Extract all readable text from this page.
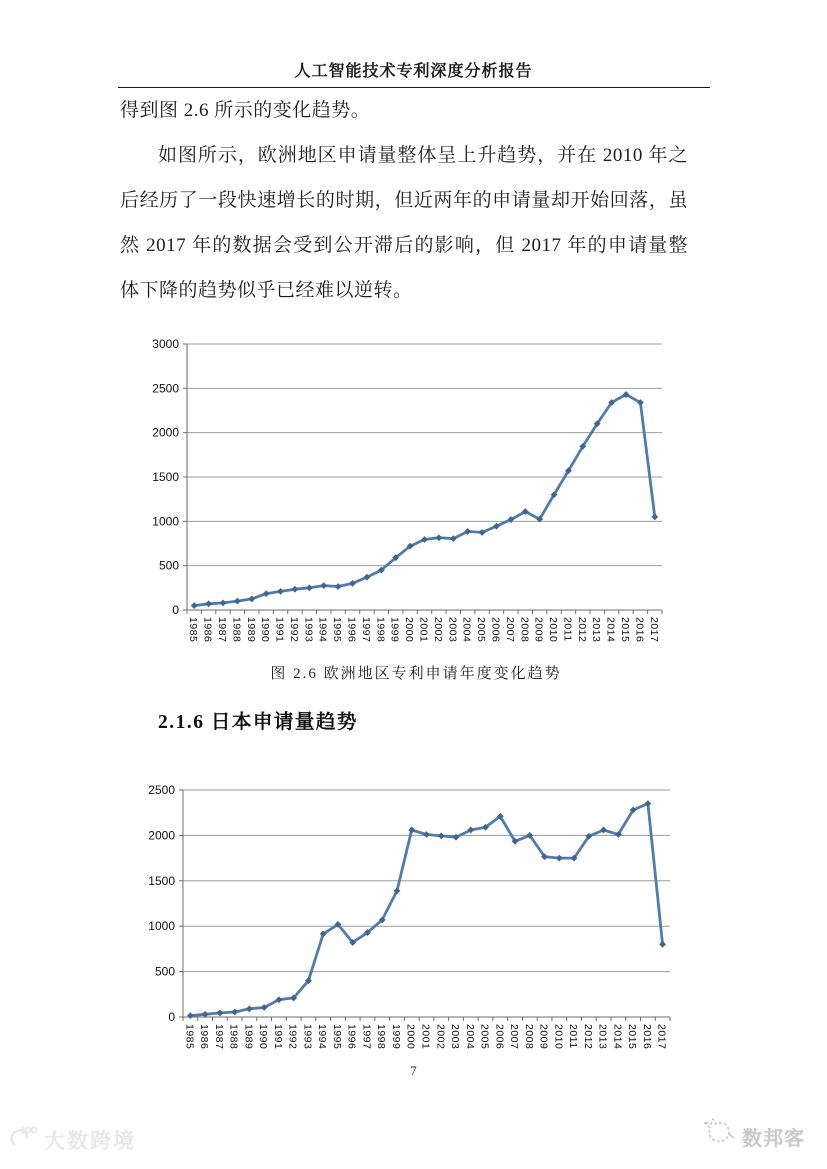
人工智能技术专利深度分析报告

得到图 2.6 所示的变化趋势。

如图所示，欧洲地区申请量整体呈上升趋势，并在 2010 年之后经历了一段快速增长的时期，但近两年的申请量却开始回落，虽然 2017 年的数据会受到公开滞后的影响，但 2017 年的申请量整体下降的趋势似乎已经难以逆转。

0
500
1000
1500
2000
2500
3000
1985 1986 1987 1988 1989 1990 1991 1992 1993 1994 1995 1996 1997 1998 1999 2000 2001 2002 2003 2004 2005 2006 2007 2008 2009 2010 2011 2012 2013 2014 2015 2016 2017
图 2.6 欧洲地区专利申请年度变化趋势
2.1.6 日本申请量趋势
0
500
1000
1500
2000
2500
1985 1986 1987 1988 1989 1990 1991 1992 1993 1994 1995 1996 1997 1998 1999 2000 2001 2002 2003 2004 2005 2006 2007 2008 2009 2010 2011 2012 2013 2014 2015 2016 2017
7
大数跨境	数邦客
